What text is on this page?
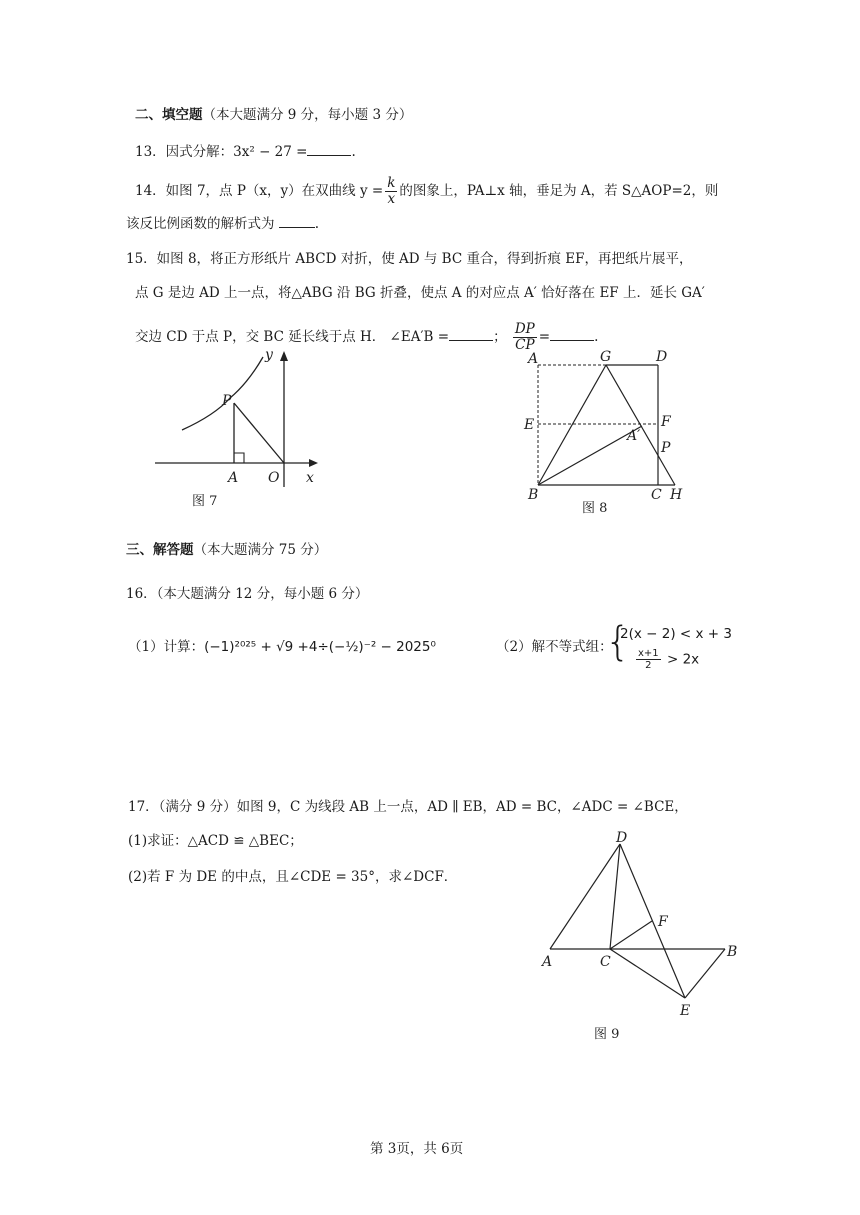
二、填空题（本大题满分 9 分，每小题 3 分）
13．因式分解：3x² − 27 =	.
14．如图 7，点 P（x，y）在双曲线 $y = \frac{k}{x}$ 的图象上，PA⊥x 轴，垂足为 A，若 S△AOP=2，则
该反比例函数的解析式为	.
15．如图 8，将正方形纸片 ABCD 对折，使 AD 与 BC 重合，得到折痕 EF，再把纸片展平，
点 G 是边 AD 上一点，将△ABG 沿 BG 折叠，使点 A 的对应点 A′ 恰好落在 EF 上．延长 GA′
交边 CD 于点 P，交 BC 延长线于点 H． ∠EA′B =	； $\frac{DP}{CP}$ =	.
y
P
A O x
图 7
A	G	D
E	F
A′
P
B	C H
图 8
三、解答题（本大题满分 75 分）
16．（本大题满分 12 分，每小题 6 分）
（1）计算：(−1)²⁰²⁵ + √9 +4÷(−½)⁻² − 2025⁰	（2）解不等式组：
{
2(x − 2) < x + 3
$\frac{x+1}{2} > 2x$
17．（满分 9 分）如图 9，C 为线段 AB 上一点，AD ∥ EB，AD = BC，∠ADC = ∠BCE，
(1)求证：△ACD ≌ △BEC；
(2)若 F 为 DE 的中点，且∠CDE = 35°，求∠DCF．
D
F
A	C
B
E
图 9
第 3页，共 6页
